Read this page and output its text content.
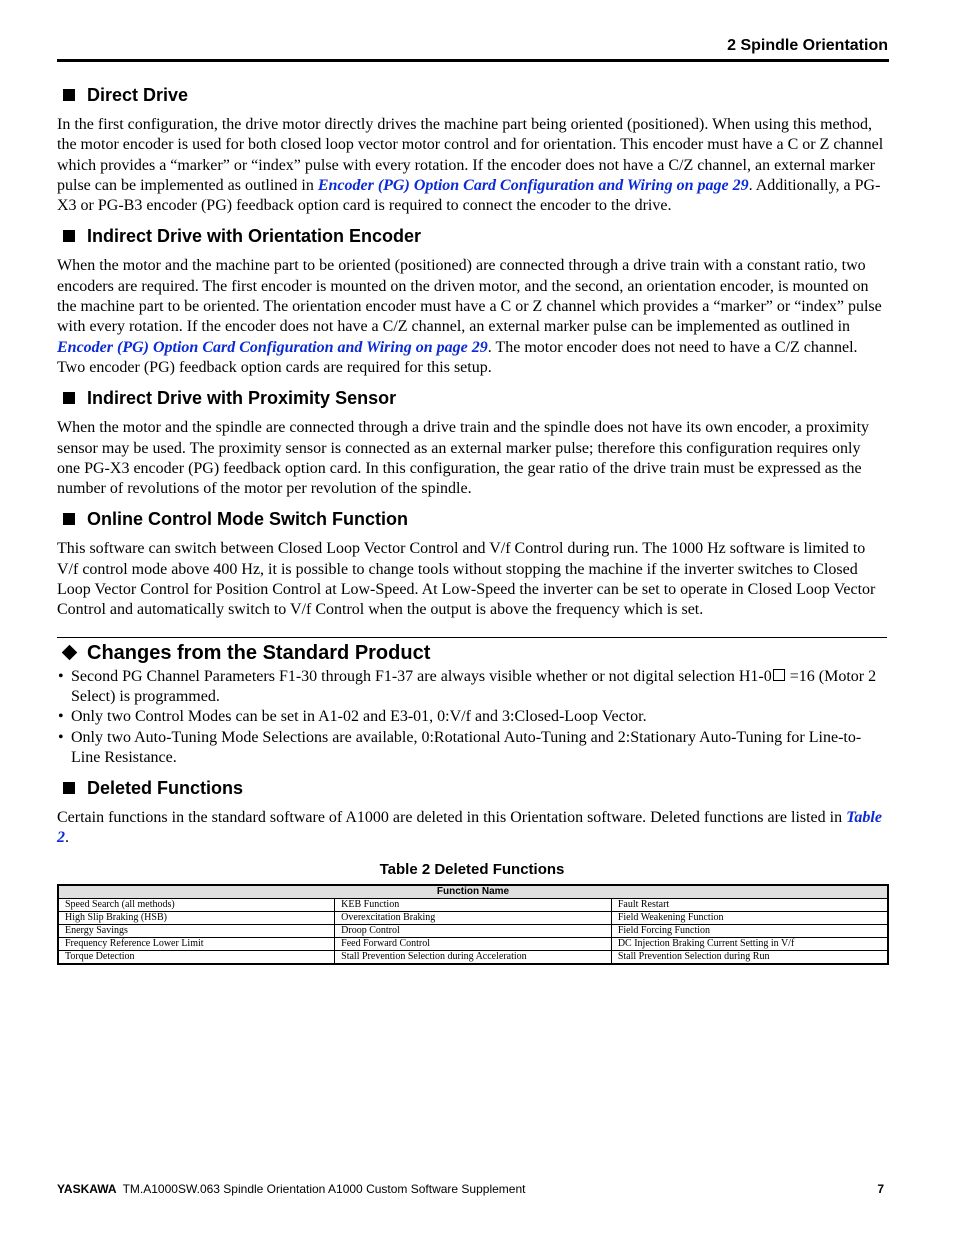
2 Spindle Orientation
Direct Drive

In the first configuration, the drive motor directly drives the machine part being oriented (positioned). When using this method, the motor encoder is used for both closed loop vector motor control and for orientation. This encoder must have a C or Z channel which provides a “marker” or “index” pulse with every rotation. If the encoder does not have a C/Z channel, an external marker pulse can be implemented as outlined in Encoder (PG) Option Card Configuration and Wiring on page 29. Additionally, a PG-X3 or PG-B3 encoder (PG) feedback option card is required to connect the encoder to the drive.

Indirect Drive with Orientation Encoder

When the motor and the machine part to be oriented (positioned) are connected through a drive train with a constant ratio, two encoders are required. The first encoder is mounted on the driven motor, and the second, an orientation encoder, is mounted on the machine part to be oriented. The orientation encoder must have a C or Z channel which provides a “marker” or “index” pulse with every rotation. If the encoder does not have a C/Z channel, an external marker pulse can be implemented as outlined in Encoder (PG) Option Card Configuration and Wiring on page 29. The motor encoder does not need to have a C/Z channel. Two encoder (PG) feedback option cards are required for this setup.

Indirect Drive with Proximity Sensor

When the motor and the spindle are connected through a drive train and the spindle does not have its own encoder, a proximity sensor may be used. The proximity sensor is connected as an external marker pulse; therefore this configuration requires only one PG-X3 encoder (PG) feedback option card. In this configuration, the gear ratio of the drive train must be expressed as the number of revolutions of the motor per revolution of the spindle.

Online Control Mode Switch Function

This software can switch between Closed Loop Vector Control and V/f Control during run. The 1000 Hz software is limited to V/f control mode above 400 Hz, it is possible to change tools without stopping the machine if the inverter switches to Closed Loop Vector Control for Position Control at Low-Speed. At Low-Speed the inverter can be set to operate in Closed Loop Vector Control and automatically switch to V/f Control when the output is above the frequency which is set.

Changes from the Standard Product
• Second PG Channel Parameters F1-30 through F1-37 are always visible whether or not digital selection H1-0 =16 (Motor 2 Select) is programmed.
• Only two Control Modes can be set in A1-02 and E3-01, 0:V/f and 3:Closed-Loop Vector.
• Only two Auto-Tuning Mode Selections are available, 0:Rotational Auto-Tuning and 2:Stationary Auto-Tuning for Line-to-Line Resistance.
Deleted Functions

Certain functions in the standard software of A1000 are deleted in this Orientation software. Deleted functions are listed in Table 2.

Table 2 Deleted Functions
Function Name		
Speed Search (all methods)	KEB Function	Fault Restart
High Slip Braking (HSB)	Overexcitation Braking	Field Weakening Function
Energy Savings	Droop Control	Field Forcing Function
Frequency Reference Lower Limit	Feed Forward Control	DC Injection Braking Current Setting in V/f
Torque Detection	Stall Prevention Selection during Acceleration	Stall Prevention Selection during Run
YASKAWA TM.A1000SW.063 Spindle Orientation A1000 Custom Software Supplement	7
